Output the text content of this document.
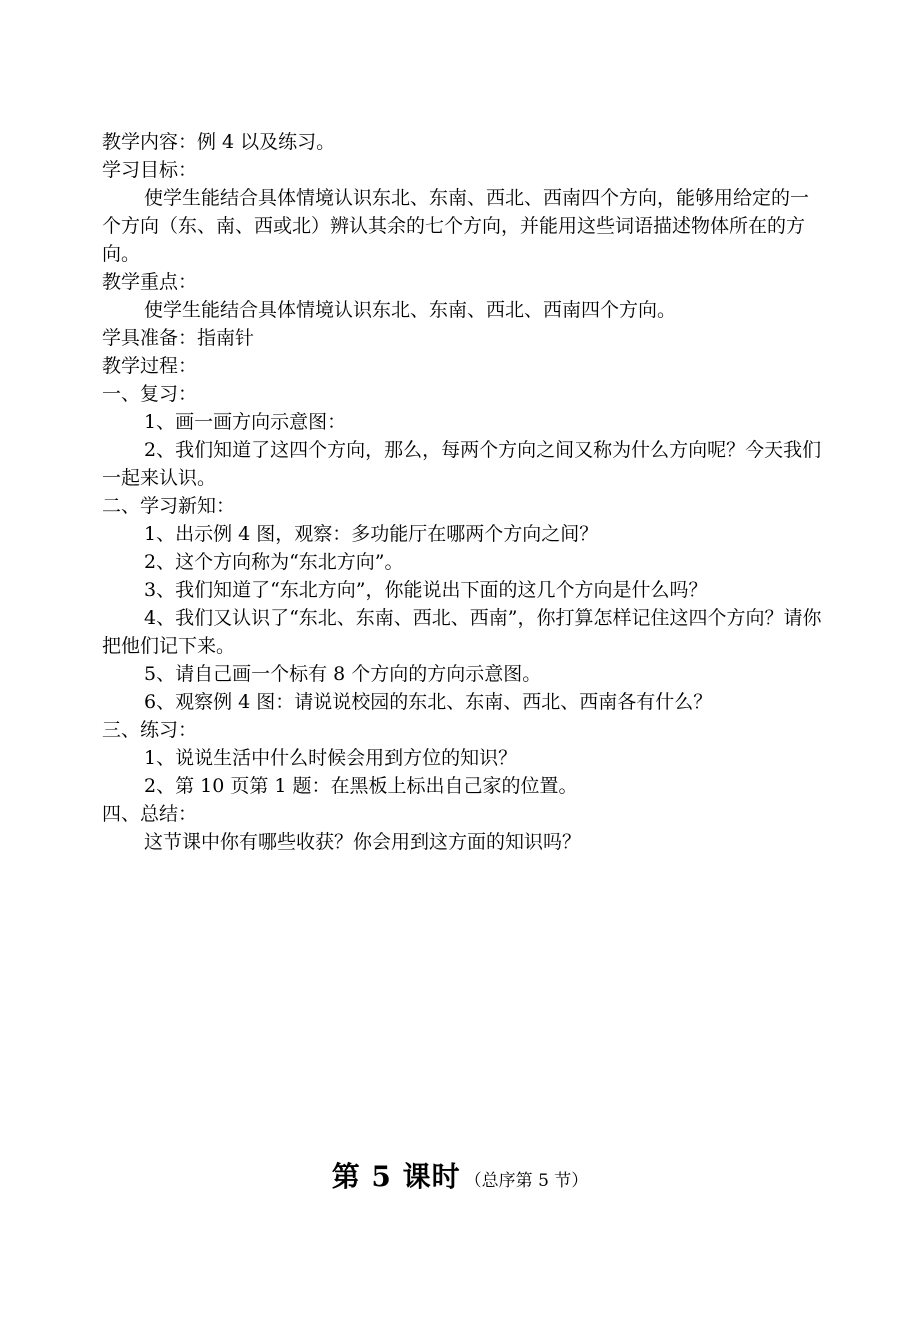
教学内容：例 4 以及练习。
学习目标：
使学生能结合具体情境认识东北、东南、西北、西南四个方向，能够用给定的一个方向（东、南、西或北）辨认其余的七个方向，并能用这些词语描述物体所在的方向。
教学重点：
使学生能结合具体情境认识东北、东南、西北、西南四个方向。
学具准备：指南针
教学过程：
一、复习：
1、画一画方向示意图：
2、我们知道了这四个方向，那么，每两个方向之间又称为什么方向呢？今天我们一起来认识。
二、学习新知：
1、出示例 4 图，观察：多功能厅在哪两个方向之间？
2、这个方向称为“东北方向”。
3、我们知道了“东北方向”，你能说出下面的这几个方向是什么吗？
4、我们又认识了“东北、东南、西北、西南”，你打算怎样记住这四个方向？请你把他们记下来。
5、请自己画一个标有 8 个方向的方向示意图。
6、观察例 4 图：请说说校园的东北、东南、西北、西南各有什么？
三、练习：
1、说说生活中什么时候会用到方位的知识？
2、第 10 页第 1 题：在黑板上标出自己家的位置。
四、总结：
这节课中你有哪些收获？你会用到这方面的知识吗？
第 5 课时 （总序第 5 节）
